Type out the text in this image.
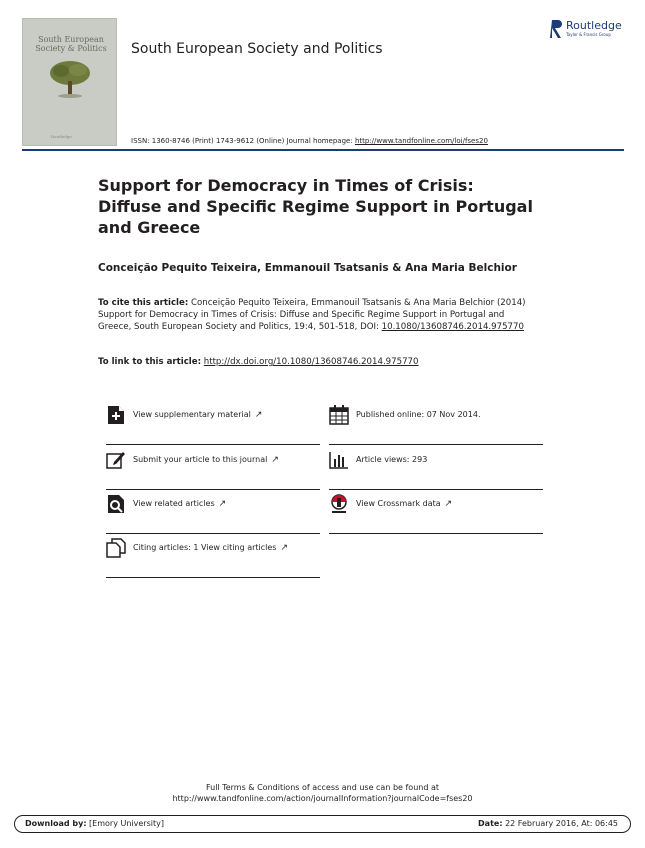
South European
Society & Politics
Routledge
South European Society and Politics
Routledge
Taylor & Francis Group
ISSN: 1360-8746 (Print) 1743-9612 (Online) Journal homepage: http://www.tandfonline.com/loi/fses20
Support for Democracy in Times of Crisis: Diffuse and Specific Regime Support in Portugal and Greece
Conceição Pequito Teixeira, Emmanouil Tsatsanis & Ana Maria Belchior
To cite this article: Conceição Pequito Teixeira, Emmanouil Tsatsanis & Ana Maria Belchior (2014) Support for Democracy in Times of Crisis: Diffuse and Specific Regime Support in Portugal and Greece, South European Society and Politics, 19:4, 501-518, DOI: 10.1080/13608746.2014.975770
To link to this article: http://dx.doi.org/10.1080/13608746.2014.975770
View supplementary material ↗	Published online: 07 Nov 2014.
Submit your article to this journal ↗	Article views: 293
View related articles ↗	View Crossmark data ↗
Citing articles: 1 View citing articles ↗
Full Terms & Conditions of access and use can be found at
http://www.tandfonline.com/action/journalInformation?journalCode=fses20
Download by: [Emory University]	Date: 22 February 2016, At: 06:45
